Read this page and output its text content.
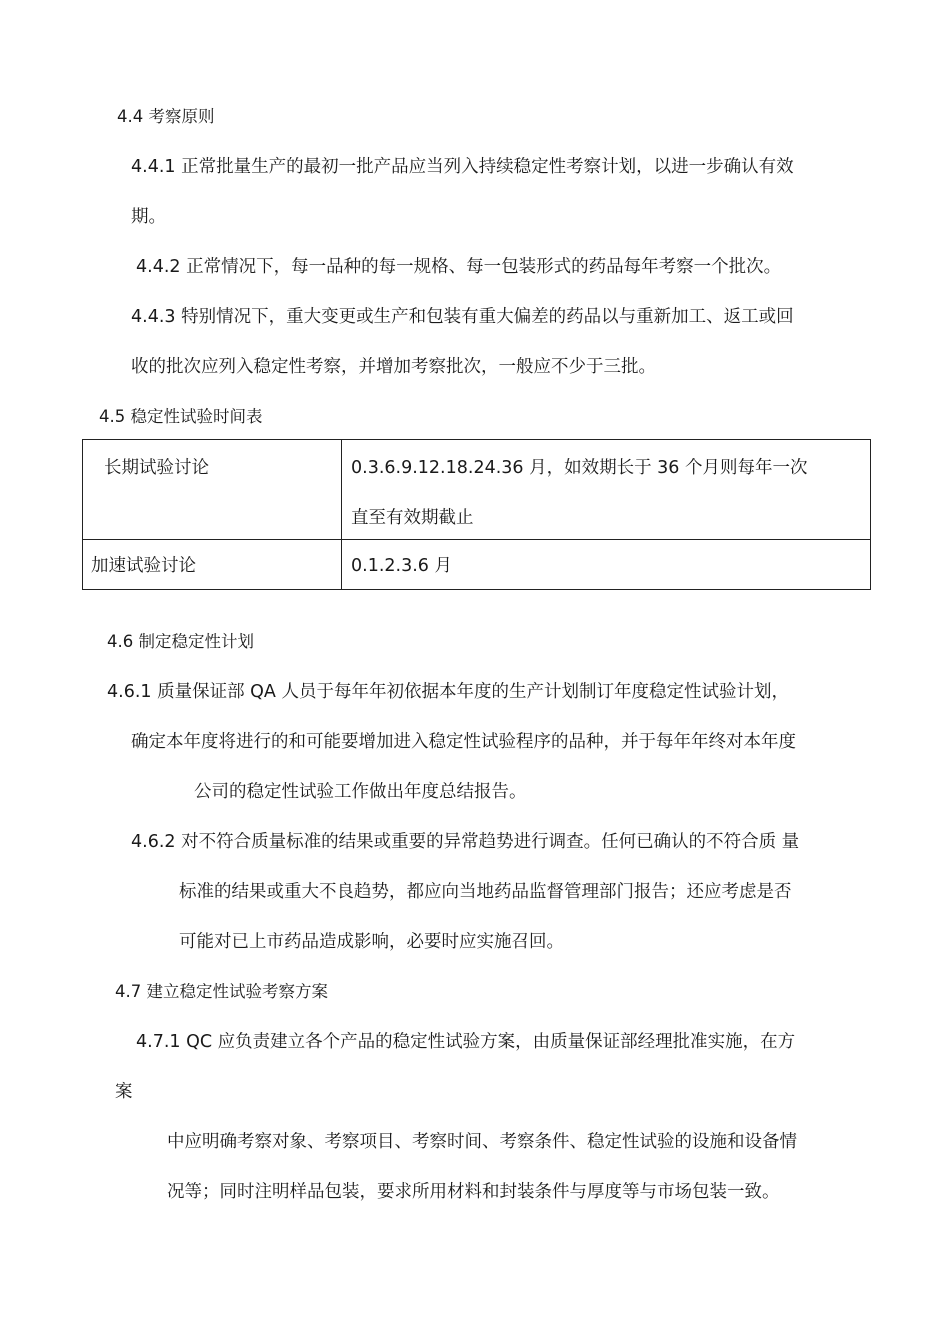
4.4 考察原则
4.4.1 正常批量生产的最初一批产品应当列入持续稳定性考察计划，以进一步确认有效
期。
4.4.2 正常情况下，每一品种的每一规格、每一包装形式的药品每年考察一个批次。
4.4.3 特别情况下，重大变更或生产和包装有重大偏差的药品以与重新加工、返工或回
收的批次应列入稳定性考察，并增加考察批次，一般应不少于三批。
4.5 稳定性试验时间表
长期试验讨论	0.3.6.9.12.18.24.36 月，如效期长于 36 个月则每年一次
直至有效期截止

加速试验讨论	0.1.2.3.6 月
4.6 制定稳定性计划
4.6.1 质量保证部 QA 人员于每年年初依据本年度的生产计划制订年度稳定性试验计划，
确定本年度将进行的和可能要增加进入稳定性试验程序的品种，并于每年年终对本年度
公司的稳定性试验工作做出年度总结报告。
4.6.2 对不符合质量标准的结果或重要的异常趋势进行调查。任何已确认的不符合质 量
标准的结果或重大不良趋势，都应向当地药品监督管理部门报告；还应考虑是否
可能对已上市药品造成影响，必要时应实施召回。
4.7 建立稳定性试验考察方案
4.7.1 QC 应负责建立各个产品的稳定性试验方案，由质量保证部经理批准实施，在方
案
中应明确考察对象、考察项目、考察时间、考察条件、稳定性试验的设施和设备情
况等；同时注明样品包装，要求所用材料和封装条件与厚度等与市场包装一致。
